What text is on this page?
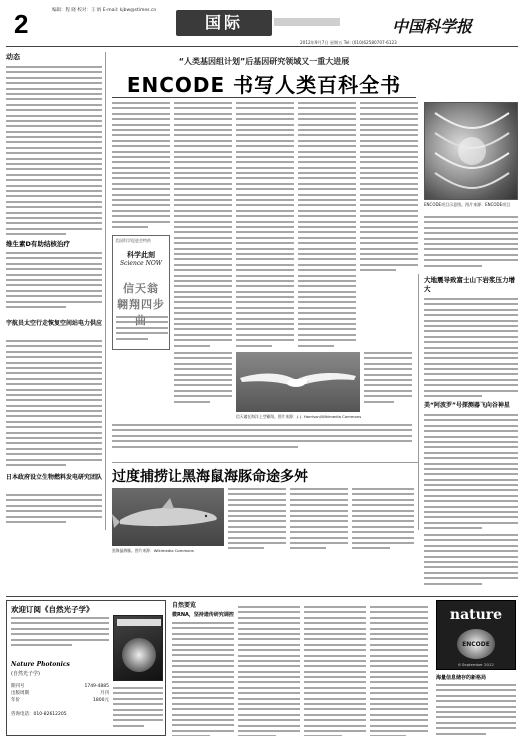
2	编辑：程 晓 校对：王 炳 E-mail: kjbw@stimes.cn
国际	中国科学报
2012年9月7日 星期五 Tel: (010)62580707-6123
动态
维生素D有助结核治疗
宇航员太空行走恢复空间站电力供应
日本政府设立生物燃料发电研究团队
“人类基因组计划”后基因研究领域又一重大进展
ENCODE 书写人类百科全书
ENCODE项目示意图。图片来源：ENCODE项目
美国科学促进会特供
科学此刻
Science NOW
信天翁
翱翔四步
信天翁在海洋上空翱翔。图片来源：J. J. Harrison/Wikimedia Commons
大地震导致富士山下岩浆压力增大
美“阿波罗”号探测器飞向谷神星
过度捕捞让黑海鼠海豚命途多舛
黑海鼠海豚。图片来源：Wikimedia Commons
欢迎订阅《自然光子学》
Nature Photonics
(自然光子学)
期刊号	1749-4885
出版周期	月刊
年价	1800元
咨询电话：010-82612205
自然要览
微RNA，坚持遗传研究调控	nature
ENCODE
6 September 2012
海量信息储存的新格局
